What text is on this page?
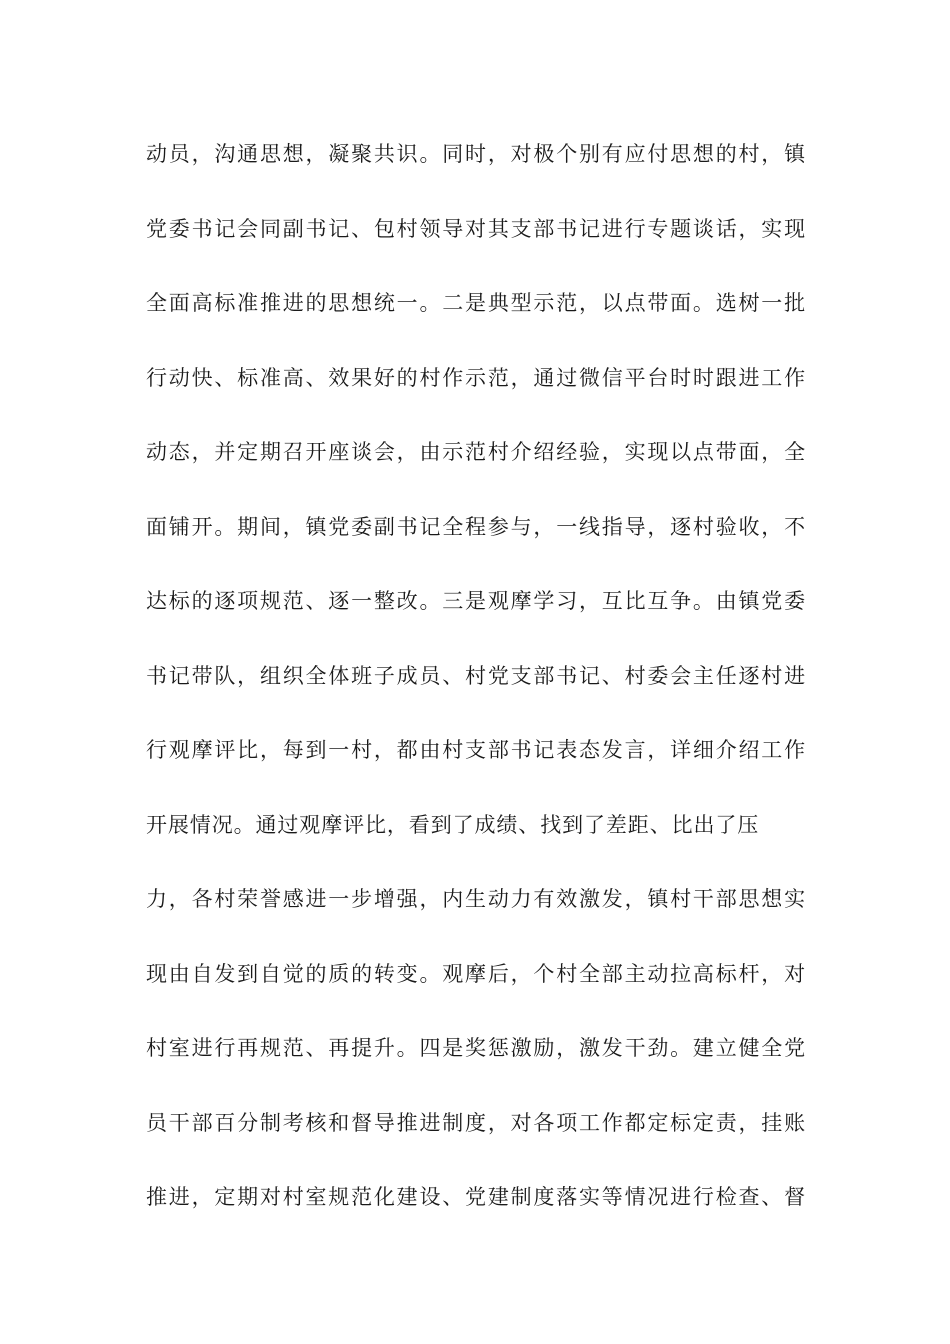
动员，沟通思想，凝聚共识。同时，对极个别有应付思想的村，镇
党委书记会同副书记、包村领导对其支部书记进行专题谈话，实现
全面高标准推进的思想统一。二是典型示范，以点带面。选树一批
行动快、标准高、效果好的村作示范，通过微信平台时时跟进工作
动态，并定期召开座谈会，由示范村介绍经验，实现以点带面，全
面铺开。期间，镇党委副书记全程参与，一线指导，逐村验收，不
达标的逐项规范、逐一整改。三是观摩学习，互比互争。由镇党委
书记带队，组织全体班子成员、村党支部书记、村委会主任逐村进
行观摩评比，每到一村，都由村支部书记表态发言，详细介绍工作
开展情况。通过观摩评比，看到了成绩、找到了差距、比出了压
力，各村荣誉感进一步增强，内生动力有效激发，镇村干部思想实
现由自发到自觉的质的转变。观摩后，个村全部主动拉高标杆，对
村室进行再规范、再提升。四是奖惩激励，激发干劲。建立健全党
员干部百分制考核和督导推进制度，对各项工作都定标定责，挂账
推进，定期对村室规范化建设、党建制度落实等情况进行检查、督
